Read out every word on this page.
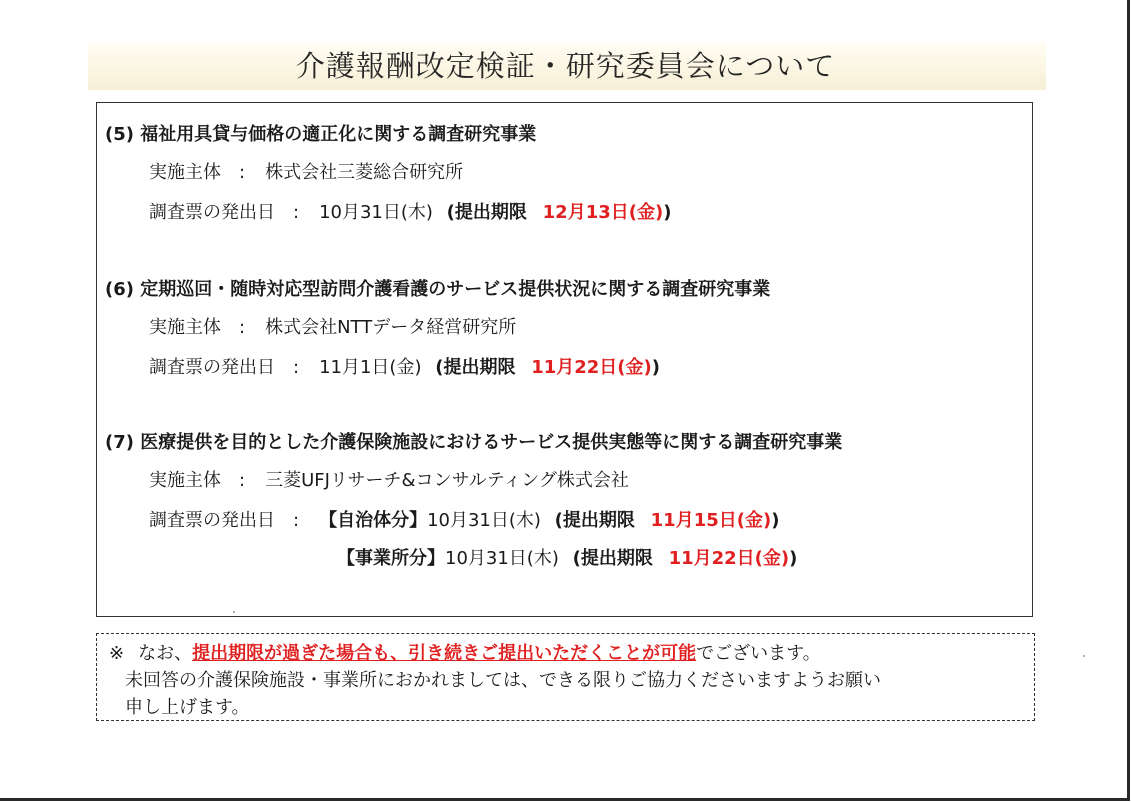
介護報酬改定検証・研究委員会について
(5) 福祉用具貸与価格の適正化に関する調査研究事業
実施主体 : 株式会社三菱総合研究所
調査票の発出日 : 10月31日(木) (提出期限 12月13日(金))
(6) 定期巡回・随時対応型訪問介護看護のサービス提供状況に関する調査研究事業
実施主体 : 株式会社NTTデータ経営研究所
調査票の発出日 : 11月1日(金) (提出期限 11月22日(金))
(7) 医療提供を目的とした介護保険施設におけるサービス提供実態等に関する調査研究事業
実施主体 : 三菱UFJリサーチ&コンサルティング株式会社
調査票の発出日 : 【自治体分】10月31日(木) (提出期限 11月15日(金))
【事業所分】10月31日(木) (提出期限 11月22日(金))
※ なお、提出期限が過ぎた場合も、引き続きご提出いただくことが可能でございます。
未回答の介護保険施設・事業所におかれましては、できる限りご協力くださいますようお願い
申し上げます。
